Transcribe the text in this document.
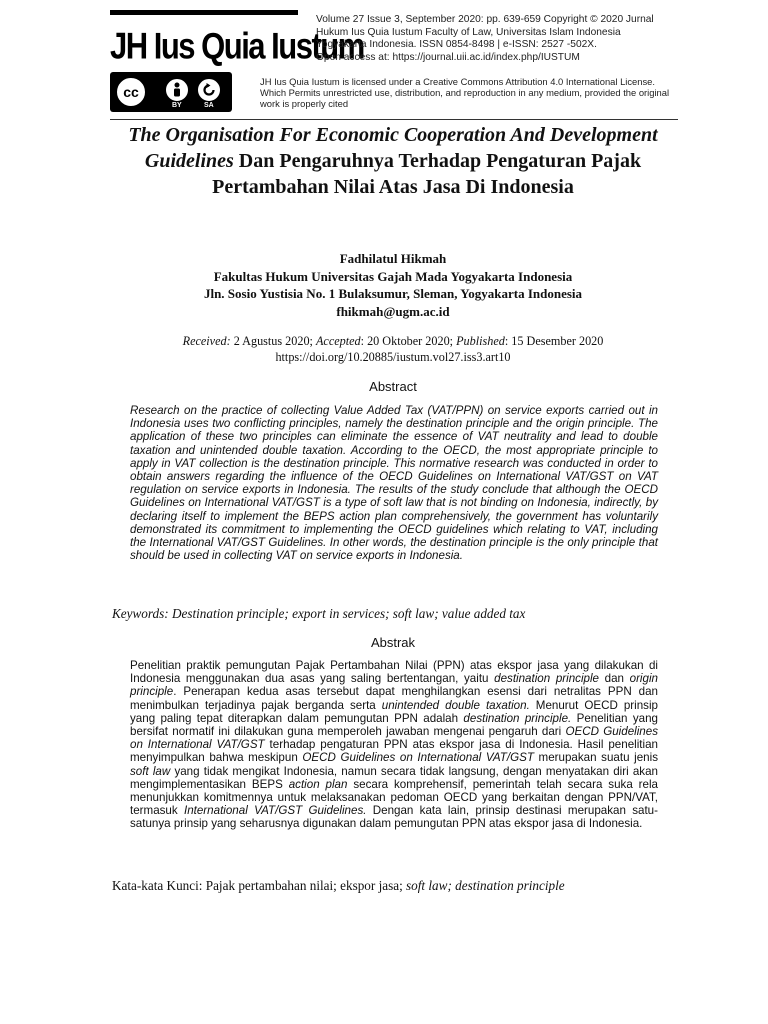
JH Ius Quia Iustum
cc
BY	SA
Volume 27 Issue 3, September 2020: pp. 639-659 Copyright © 2020 Jurnal
Hukum Ius Quia Iustum Faculty of Law, Universitas Islam Indonesia
Yogyakarta Indonesia. ISSN 0854-8498 | e-ISSN: 2527 -502X.
Open access at: https://journal.uii.ac.id/index.php/IUSTUM
JH Ius Quia Iustum is licensed under a Creative Commons Attribution 4.0 International License.
Which Permits unrestricted use, distribution, and reproduction in any medium, provided the original
work is properly cited
The Organisation For Economic Cooperation And Development Guidelines Dan Pengaruhnya Terhadap Pengaturan Pajak Pertambahan Nilai Atas Jasa Di Indonesia
Fadhilatul Hikmah
Fakultas Hukum Universitas Gajah Mada Yogyakarta Indonesia
Jln. Sosio Yustisia No. 1 Bulaksumur, Sleman, Yogyakarta Indonesia
fhikmah@ugm.ac.id
Received: 2 Agustus 2020; Accepted: 20 Oktober 2020; Published: 15 Desember 2020
https://doi.org/10.20885/iustum.vol27.iss3.art10
Abstract
Research on the practice of collecting Value Added Tax (VAT/PPN) on service exports carried out in Indonesia uses two conflicting principles, namely the destination principle and the origin principle. The application of these two principles can eliminate the essence of VAT neutrality and lead to double taxation and unintended double taxation. According to the OECD, the most appropriate principle to apply in VAT collection is the destination principle. This normative research was conducted in order to obtain answers regarding the influence of the OECD Guidelines on International VAT/GST on VAT regulation on service exports in Indonesia. The results of the study conclude that although the OECD Guidelines on International VAT/GST is a type of soft law that is not binding on Indonesia, indirectly, by declaring itself to implement the BEPS action plan comprehensively, the government has voluntarily demonstrated its commitment to implementing the OECD guidelines which relating to VAT, including the International VAT/GST Guidelines. In other words, the destination principle is the only principle that should be used in collecting VAT on service exports in Indonesia.
Keywords: Destination principle; export in services; soft law; value added tax
Abstrak
Penelitian praktik pemungutan Pajak Pertambahan Nilai (PPN) atas ekspor jasa yang dilakukan di Indonesia menggunakan dua asas yang saling bertentangan, yaitu destination principle dan origin principle. Penerapan kedua asas tersebut dapat menghilangkan esensi dari netralitas PPN dan menimbulkan terjadinya pajak berganda serta unintended double taxation. Menurut OECD prinsip yang paling tepat diterapkan dalam pemungutan PPN adalah destination principle. Penelitian yang bersifat normatif ini dilakukan guna memperoleh jawaban mengenai pengaruh dari OECD Guidelines on International VAT/GST terhadap pengaturan PPN atas ekspor jasa di Indonesia. Hasil penelitian menyimpulkan bahwa meskipun OECD Guidelines on International VAT/GST merupakan suatu jenis soft law yang tidak mengikat Indonesia, namun secara tidak langsung, dengan menyatakan diri akan mengimplementasikan BEPS action plan secara komprehensif, pemerintah telah secara suka rela menunjukkan komitmennya untuk melaksanakan pedoman OECD yang berkaitan dengan PPN/VAT, termasuk International VAT/GST Guidelines. Dengan kata lain, prinsip destinasi merupakan satu-satunya prinsip yang seharusnya digunakan dalam pemungutan PPN atas ekspor jasa di Indonesia.
Kata-kata Kunci: Pajak pertambahan nilai; ekspor jasa; soft law; destination principle
